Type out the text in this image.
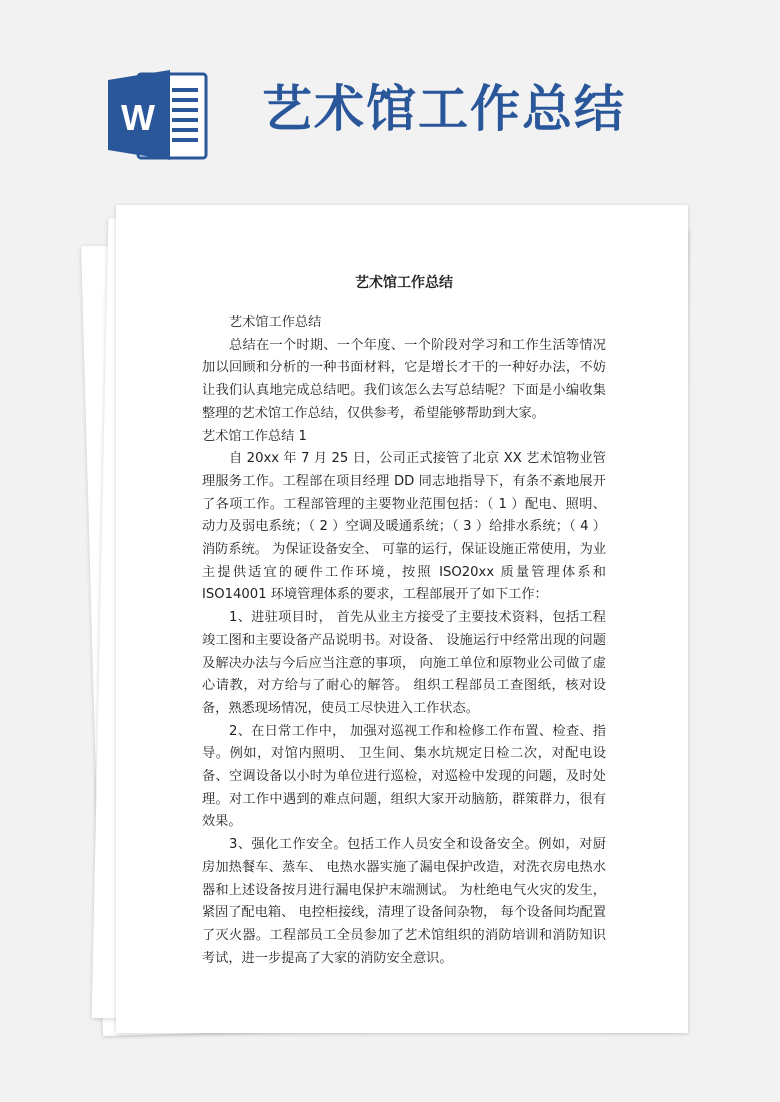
W 艺术馆工作总结
艺术馆工作总结

艺术馆工作总结

总结在一个时期、一个年度、一个阶段对学习和工作生活等情况加以回顾和分析的一种书面材料，它是增长才干的一种好办法，不妨让我们认真地完成总结吧。我们该怎么去写总结呢？下面是小编收集整理的艺术馆工作总结，仅供参考，希望能够帮助到大家。

艺术馆工作总结 1

自 20xx 年 7 月 25 日，公司正式接管了北京 XX 艺术馆物业管理服务工作。工程部在项目经理 DD 同志地指导下，有条不紊地展开了各项工作。工程部管理的主要物业范围包括：（ 1 ）配电、照明、动力及弱电系统；（ 2 ）空调及暖通系统；（ 3 ）给排水系统；（ 4 ）消防系统。 为保证设备安全、 可靠的运行，保证设施正常使用，为业主提供适宜的硬件工作环境，按照 ISO20xx 质量管理体系和 ISO14001 环境管理体系的要求，工程部展开了如下工作：

1、进驻项目时， 首先从业主方接受了主要技术资料，包括工程竣工图和主要设备产品说明书。对设备、 设施运行中经常出现的问题及解决办法与今后应当注意的事项， 向施工单位和原物业公司做了虚心请教，对方给与了耐心的解答。 组织工程部员工查图纸，核对设备，熟悉现场情况，使员工尽快进入工作状态。

2、在日常工作中， 加强对巡视工作和检修工作布置、检查、指导。例如，对馆内照明、 卫生间、集水坑规定日检二次，对配电设备、空调设备以小时为单位进行巡检，对巡检中发现的问题，及时处理。对工作中遇到的难点问题，组织大家开动脑筋，群策群力，很有效果。

3、强化工作安全。包括工作人员安全和设备安全。例如，对厨房加热餐车、蒸车、 电热水器实施了漏电保护改造，对洗衣房电热水器和上述设备按月进行漏电保护末端测试。 为杜绝电气火灾的发生， 紧固了配电箱、 电控柜接线，清理了设备间杂物， 每个设备间均配置了灭火器。工程部员工全员参加了艺术馆组织的消防培训和消防知识考试，进一步提高了大家的消防安全意识。
